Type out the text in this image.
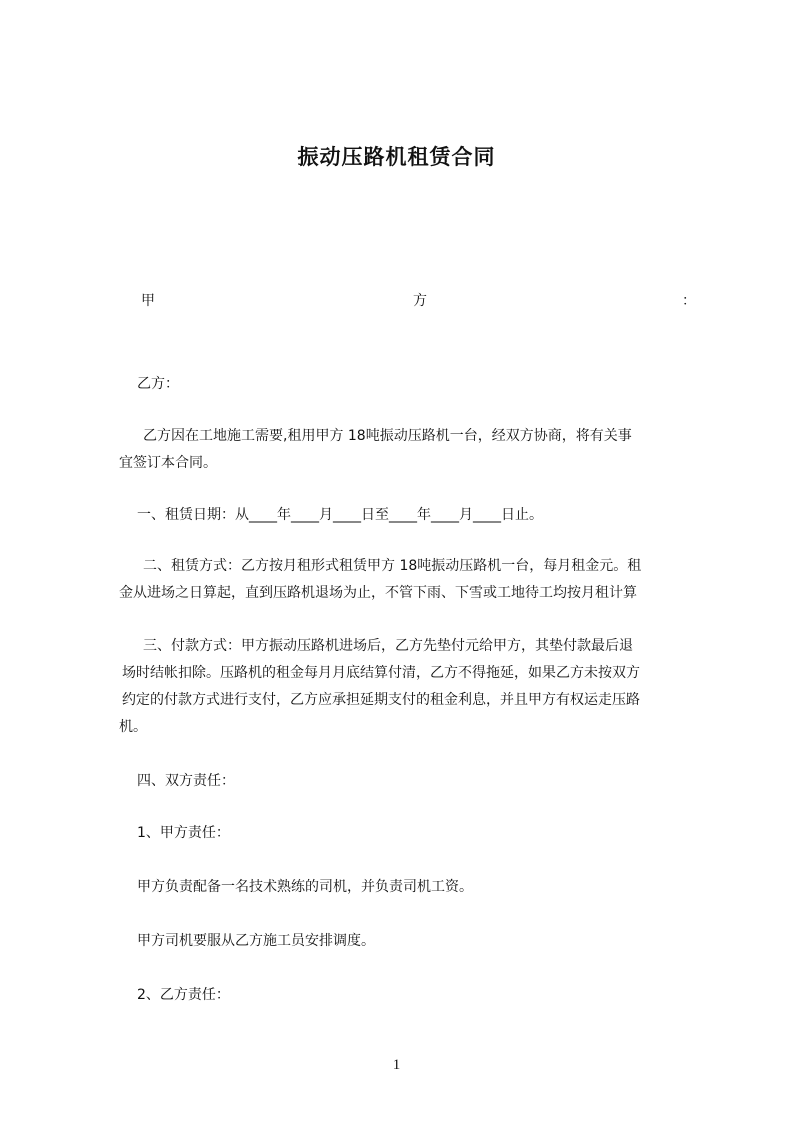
振动压路机租赁合同
甲	方	：
乙方：
乙方因在工地施工需要,租用甲方 18吨振动压路机一台，经双方协商，将有关事
宜签订本合同。
一、租赁日期：从____年____月____日至____年____月____日止。
二、租赁方式：乙方按月租形式租赁甲方 18吨振动压路机一台，每月租金元。租
金从进场之日算起，直到压路机退场为止，不管下雨、下雪或工地待工均按月租计算
三、付款方式：甲方振动压路机进场后，乙方先垫付元给甲方，其垫付款最后退
场时结帐扣除。压路机的租金每月月底结算付清，乙方不得拖延，如果乙方未按双方
约定的付款方式进行支付，乙方应承担延期支付的租金利息，并且甲方有权运走压路
机。
四、双方责任：
1、甲方责任：
甲方负责配备一名技术熟练的司机，并负责司机工资。
甲方司机要服从乙方施工员安排调度。
2、乙方责任：
1
